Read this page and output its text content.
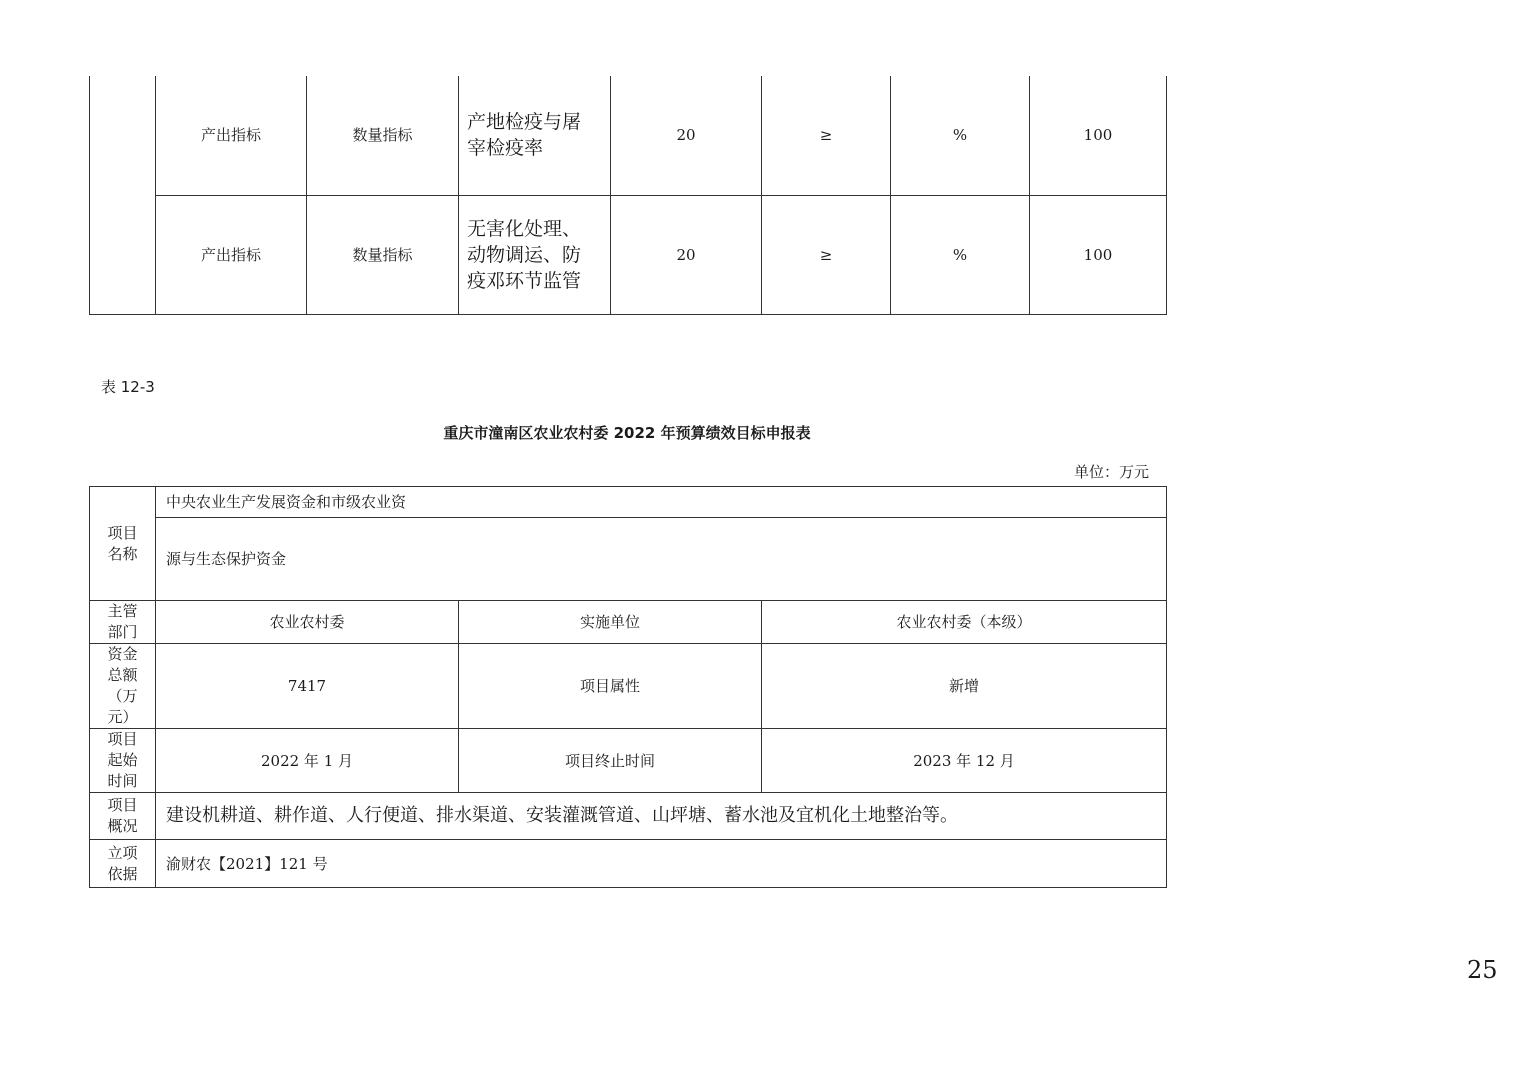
	产出指标	数量指标	产地检疫与屠
宰检疫率	20	≥	%	100
	产出指标	数量指标	无害化处理、
动物调运、防
疫邓环节监管	20	≥	%	100
表 12-3
重庆市潼南区农业农村委 2022 年预算绩效目标申报表
单位：万元
项目
名称	中央农业生产发展资金和市级农业资		
	源与生态保护资金		

主管
部门	农业农村委	实施单位	农业农村委（本级）

资金
总额
（万
元）	7417	项目属性	新增

项目
起始
时间	2022 年 1 月	项目终止时间	2023 年 12 月

项目
概况	建设机耕道、耕作道、人行便道、排水渠道、安装灌溉管道、山坪塘、蓄水池及宜机化土地整治等。		

立项
依据	渝财农【2021】121 号		
25
